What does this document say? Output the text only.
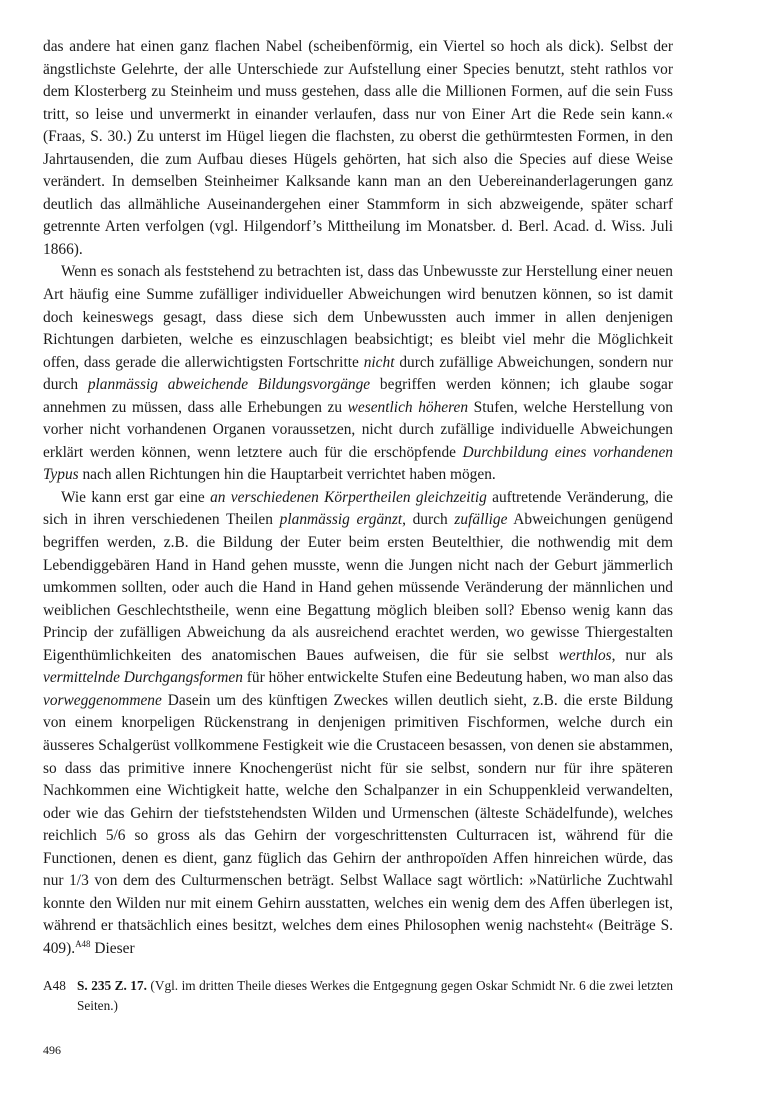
das andere hat einen ganz flachen Nabel (scheibenförmig, ein Viertel so hoch als dick). Selbst der ängstlichste Gelehrte, der alle Unterschiede zur Aufstellung einer Species benutzt, steht rathlos vor dem Klosterberg zu Steinheim und muss gestehen, dass alle die Millionen Formen, auf die sein Fuss tritt, so leise und unvermerkt in einander verlaufen, dass nur von Einer Art die Rede sein kann.« (Fraas, S. 30.) Zu unterst im Hügel liegen die flachsten, zu oberst die gethürmtesten Formen, in den Jahrtausenden, die zum Aufbau dieses Hügels gehörten, hat sich also die Species auf diese Weise verändert. In demselben Steinheimer Kalksande kann man an den Uebereinanderlagerungen ganz deutlich das allmähliche Auseinandergehen einer Stammform in sich abzweigende, später scharf getrennte Arten verfolgen (vgl. Hilgendorf’s Mittheilung im Monatsber. d. Berl. Acad. d. Wiss. Juli 1866).

Wenn es sonach als feststehend zu betrachten ist, dass das Unbewusste zur Herstellung einer neuen Art häufig eine Summe zufälliger individueller Abweichungen wird benutzen können, so ist damit doch keineswegs gesagt, dass diese sich dem Unbewussten auch immer in allen denjenigen Richtungen darbieten, welche es einzuschlagen beabsichtigt; es bleibt viel mehr die Möglichkeit offen, dass gerade die allerwichtigsten Fortschritte nicht durch zufällige Abweichungen, sondern nur durch planmässig abweichende Bildungsvorgänge begriffen werden können; ich glaube sogar annehmen zu müssen, dass alle Erhebungen zu wesentlich höheren Stufen, welche Herstellung von vorher nicht vorhandenen Organen voraussetzen, nicht durch zufällige individuelle Abweichungen erklärt werden können, wenn letztere auch für die erschöpfende Durchbildung eines vorhandenen Typus nach allen Richtungen hin die Hauptarbeit verrichtet haben mögen.

Wie kann erst gar eine an verschiedenen Körpertheilen gleichzeitig auftretende Veränderung, die sich in ihren verschiedenen Theilen planmässig ergänzt, durch zufällige Abweichungen genügend begriffen werden, z.B. die Bildung der Euter beim ersten Beutelthier, die nothwendig mit dem Lebendiggebären Hand in Hand gehen musste, wenn die Jungen nicht nach der Geburt jämmerlich umkommen sollten, oder auch die Hand in Hand gehen müssende Veränderung der männlichen und weiblichen Geschlechtstheile, wenn eine Begattung möglich bleiben soll? Ebenso wenig kann das Princip der zufälligen Abweichung da als ausreichend erachtet werden, wo gewisse Thiergestalten Eigenthümlichkeiten des anatomischen Baues aufweisen, die für sie selbst werthlos, nur als vermittelnde Durchgangsformen für höher entwickelte Stufen eine Bedeutung haben, wo man also das vorweggenommene Dasein um des künftigen Zweckes willen deutlich sieht, z.B. die erste Bildung von einem knorpeligen Rückenstrang in denjenigen primitiven Fischformen, welche durch ein äusseres Schalgerüst vollkommene Festigkeit wie die Crustaceen besassen, von denen sie abstammen, so dass das primitive innere Knochengerüst nicht für sie selbst, sondern nur für ihre späteren Nachkommen eine Wichtigkeit hatte, welche den Schalpanzer in ein Schuppenkleid verwandelten, oder wie das Gehirn der tiefststehendsten Wilden und Urmenschen (älteste Schädelfunde), welches reichlich 5/6 so gross als das Gehirn der vorgeschrittensten Culturracen ist, während für die Functionen, denen es dient, ganz füglich das Gehirn der anthropoïden Affen hinreichen würde, das nur 1/3 von dem des Culturmenschen beträgt. Selbst Wallace sagt wörtlich: »Natürliche Zuchtwahl konnte den Wilden nur mit einem Gehirn ausstatten, welches ein wenig dem des Affen überlegen ist, während er thatsächlich eines besitzt, welches dem eines Philosophen wenig nachsteht« (Beiträge S. 409).$^{A48}$ Dieser

A48 S. 235 Z. 17. (Vgl. im dritten Theile dieses Werkes die Entgegnung gegen Oskar Schmidt Nr. 6 die zwei letzten Seiten.)
496
